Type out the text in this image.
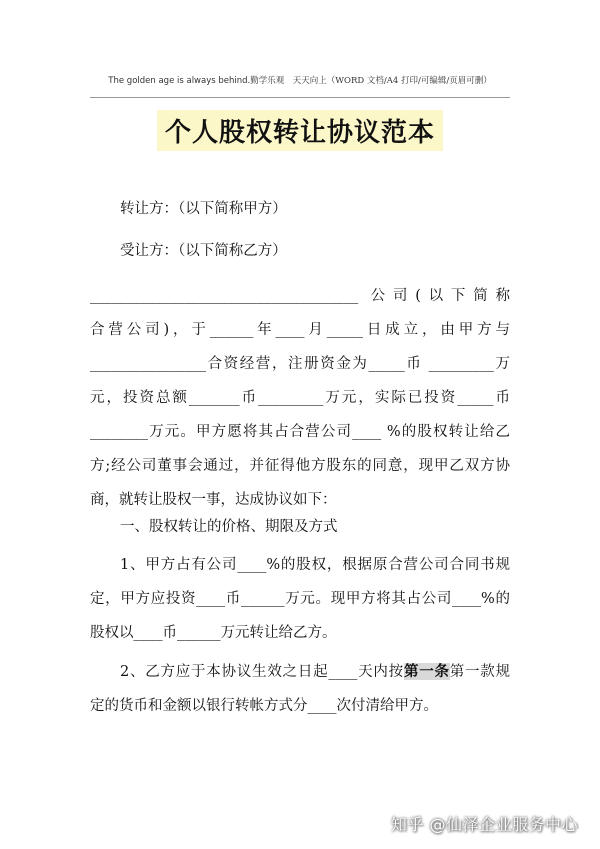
The golden age is always behind.勤学乐观　天天向上（WORD 文档/A4 打印/可编辑/页眉可删）
个人股权转让协议范本
转让方：（以下简称甲方）
受让方：（以下简称乙方）
_____________________________________ 公司(以下简称
合营公司)，于______年____月_____日成立，由甲方与
________________合资经营，注册资金为_____币 _________万
元，投资总额_______币_________万元，实际已投资_____币
________万元。甲方愿将其占合营公司____ %的股权转让给乙
方;经公司董事会通过，并征得他方股东的同意，现甲乙双方协
商，就转让股权一事，达成协议如下：
一、股权转让的价格、期限及方式
1、甲方占有公司____%的股权，根据原合营公司合同书规
定，甲方应投资____币______万元。现甲方将其占公司____%的
股权以____币______万元转让给乙方。
2、乙方应于本协议生效之日起____天内按第一条第一款规
定的货币和金额以银行转帐方式分____次付清给甲方。
知乎 @仙泽企业服务中心
